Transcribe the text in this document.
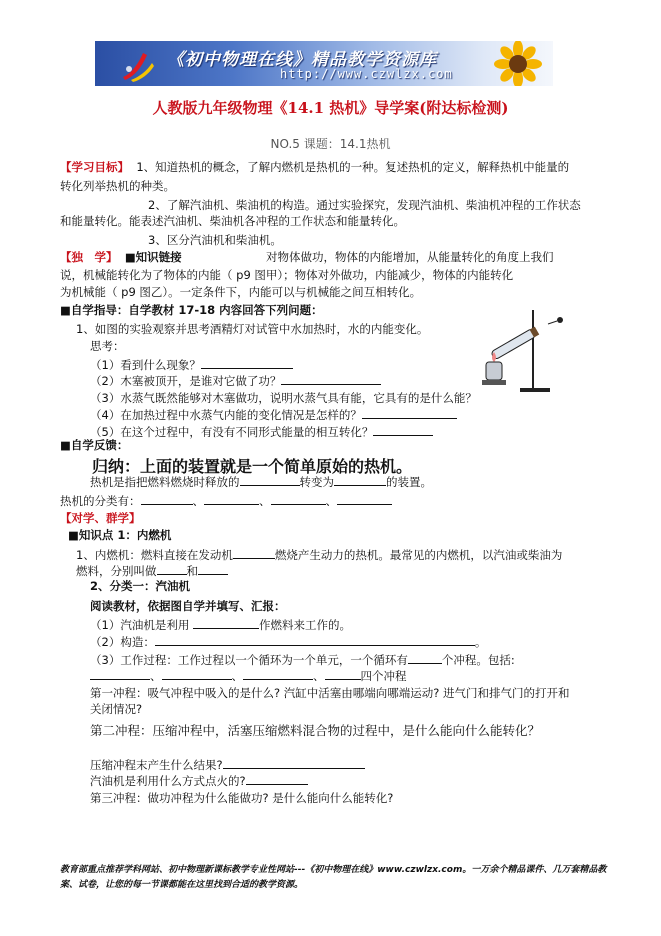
《初中物理在线》精品教学资源库
http://www.czwlzx.com
人教版九年级物理《14.1 热机》导学案(附达标检测)
NO.5 课题：14.1热机
【学习目标】 1、知道热机的概念，了解内燃机是热机的一种。复述热机的定义，解释热机中能量的
转化列举热机的种类。
2、了解汽油机、柴油机的构造。通过实验探究，发现汽油机、柴油机冲程的工作状态
和能量转化。能表述汽油机、柴油机各冲程的工作状态和能量转化。
3、区分汽油机和柴油机。
【独　学】 ■知识链接	对物体做功，物体的内能增加，从能量转化的角度上我们
说，机械能转化为了物体的内能（ p9 图甲）；物体对外做功，内能减少，物体的内能转化
为机械能（ p9 图乙）。一定条件下，内能可以与机械能之间互相转化。
■自学指导：自学教材 17-18 内容回答下列问题：
1、如图的实验观察并思考酒精灯对试管中水加热时，水的内能变化。
思考：
（1）看到什么现象？
（2）木塞被顶开，是谁对它做了功？
（3）水蒸气既然能够对木塞做功，说明水蒸气具有能，它具有的是什么能？
（4）在加热过程中水蒸气内能的变化情况是怎样的？
（5）在这个过程中，有没有不同形式能量的相互转化？
■自学反馈：
归纳：上面的装置就是一个简单原始的热机。
热机是指把燃料燃烧时释放的	转变为	的装置。
热机的分类有：	、	、	、
【对学、群学】
■知识点 1：内燃机
1、内燃机：燃料直接在发动机	燃烧产生动力的热机。最常见的内燃机，以汽油或柴油为
燃料，分别叫做	和
2、分类一：汽油机
阅读教材，依据图自学并填写、汇报：
（1）汽油机是利用	作燃料来工作的。
（2）构造：	。
（3）工作过程：工作过程以一个循环为一个单元，一个循环有	个冲程。包括:
、	、	、	四个冲程
第一冲程：吸气冲程中吸入的是什么? 汽缸中活塞由哪端向哪端运动? 进气门和排气门的打开和
关闭情况?
第二冲程：压缩冲程中，活塞压缩燃料混合物的过程中，是什么能向什么能转化？
压缩冲程末产生什么结果?
汽油机是利用什么方式点火的?
第三冲程：做功冲程为什么能做功? 是什么能向什么能转化?
教育部重点推荐学科网站、初中物理新课标教学专业性网站---《初中物理在线》www.czwlzx.com。一万余个精品课件、几万套精品教案、试卷，让您的每一节课都能在这里找到合适的教学资源。
